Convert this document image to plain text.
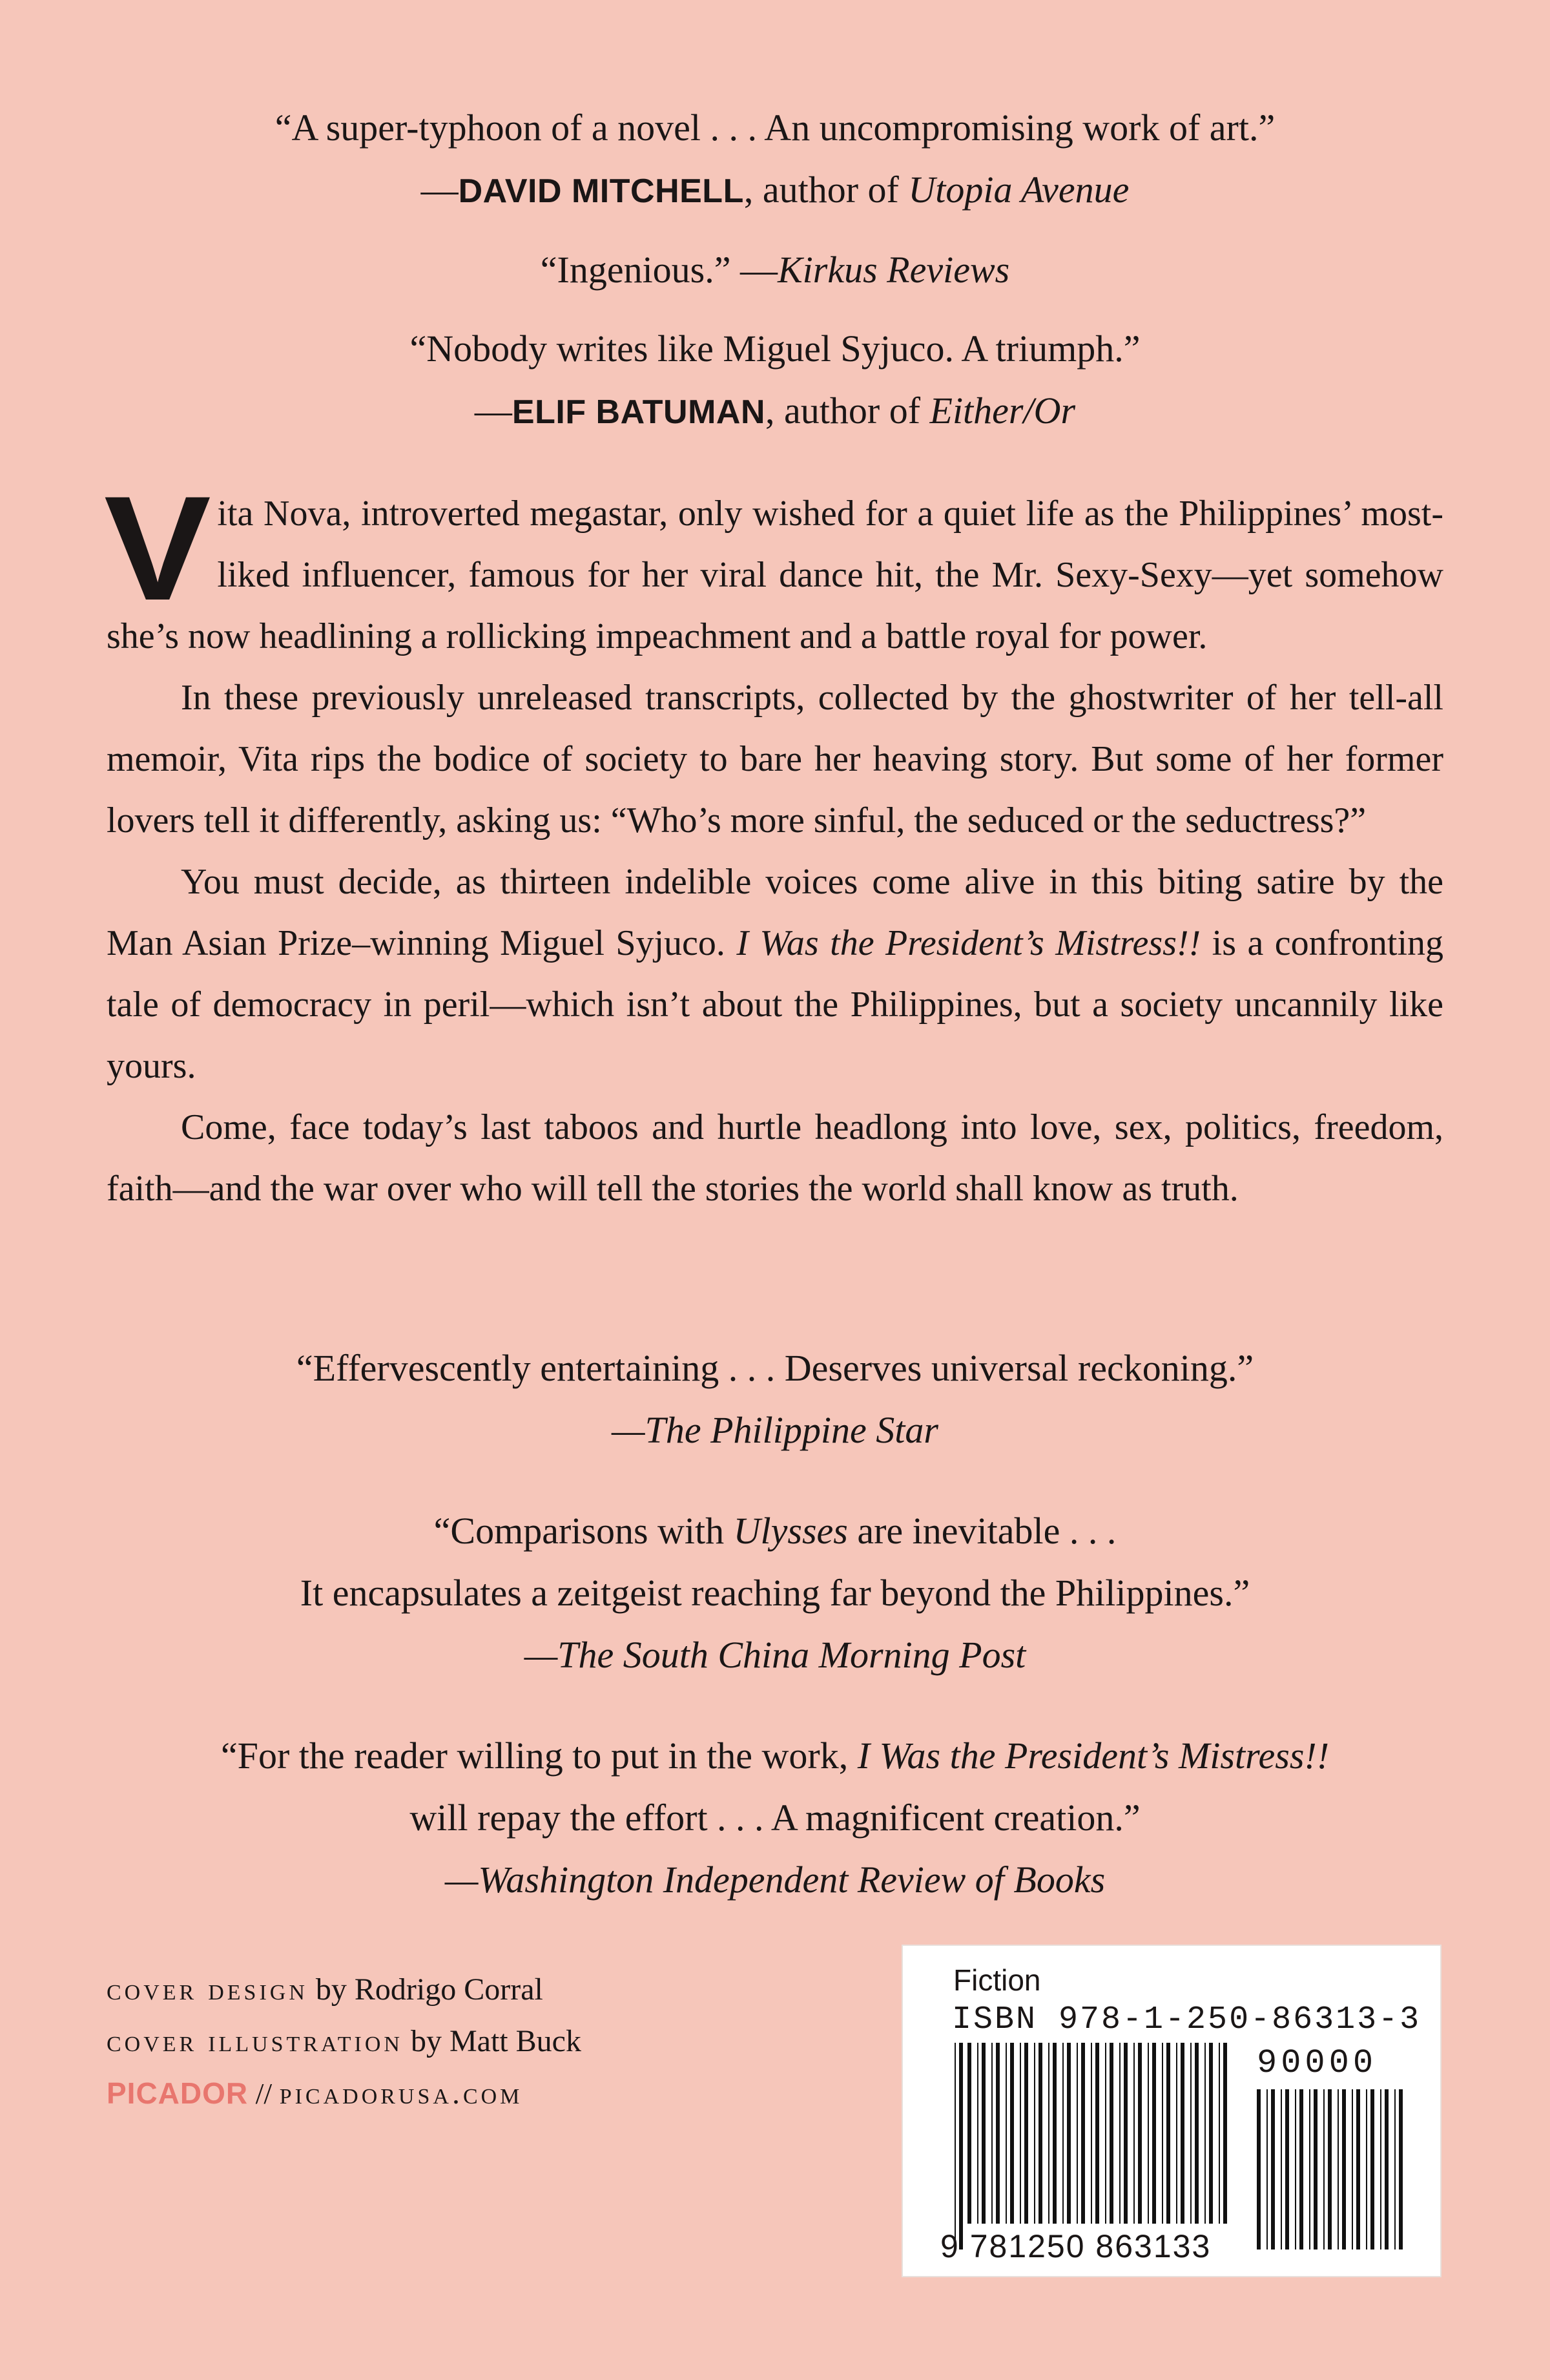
“A super-typhoon of a novel . . . An uncompromising work of art.”
—DAVID MITCHELL, author of Utopia Avenue
“Ingenious.” —Kirkus Reviews
“Nobody writes like Miguel Syjuco. A triumph.”
—ELIF BATUMAN, author of Either/Or

Vita Nova, introverted megastar, only wished for a quiet life as the Philippines’ most-liked influencer, famous for her viral dance hit, the Mr. Sexy-Sexy—yet somehow she’s now headlining a rollicking impeachment and a battle royal for power.

In these previously unreleased transcripts, collected by the ghostwriter of her tell-all memoir, Vita rips the bodice of society to bare her heaving story. But some of her former lovers tell it differently, asking us: “Who’s more sinful, the seduced or the seductress?”

You must decide, as thirteen indelible voices come alive in this biting satire by the Man Asian Prize–winning Miguel Syjuco. I Was the President’s Mistress!! is a confronting tale of democracy in peril—which isn’t about the Philippines, but a society uncannily like yours.

Come, face today’s last taboos and hurtle headlong into love, sex, politics, freedom, faith—and the war over who will tell the stories the world shall know as truth.

“Effervescently entertaining . . . Deserves universal reckoning.”
—The Philippine Star
“Comparisons with Ulysses are inevitable . . .
It encapsulates a zeitgeist reaching far beyond the Philippines.”
—The South China Morning Post
“For the reader willing to put in the work, I Was the President’s Mistress!!
will repay the effort . . . A magnificent creation.”
—Washington Independent Review of Books
cover design by Rodrigo Corral
cover illustration by Matt Buck
PICADOR // picadorusa.com
Fiction
ISBN 978-1-250-86313-3
90000
9 781250 863133
